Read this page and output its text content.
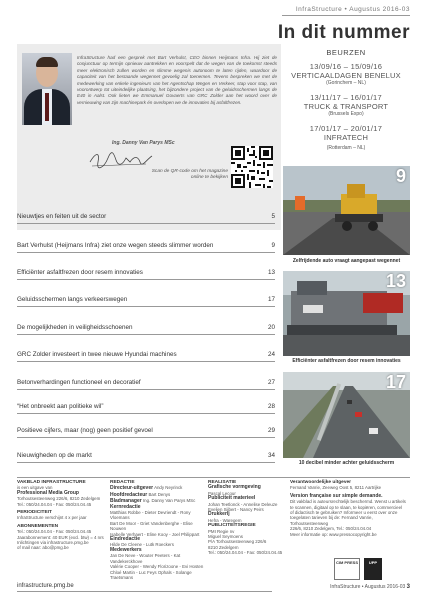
InfraStructure • Augustus 2016-03
In dit nummer
InfraStructure had een gesprek met Bart Verhulst, CEO binnen Heijmans Infra. Hij ziet de conjunctuur op termijn opnieuw aantrekken en voorspelt dat de wegen van de toekomst steeds meer elektronisch zullen worden en slimme wegenis autonoom te laten rijden, waardoor de capaciteit van het bestaande wegennet gevoelig zal toenemen. Tevens bespreken we met de medewerking van enkele ingenieurs van het Agentschap Wegen en Verkeer, stap voor stap, van voorontwerp tot uiteindelijke plaatsing, het bijzondere project van de geluidsschermen langs de E40 in Aalst. Ook lieten we Emmanuel Govaerts van GRC Zolder aan het woord over de vernieuwing van zijn machinepark én overlopen we de innovaties bij asfaltfrezen.
Ing. Danny Van Parys MSc
Scan de QR-code om het magazine online te bekijken
BEURZEN
13/09/16 – 15/09/16
VERTICAALDAGEN BENELUX
(Gorinchem – NL)
13/11/17 – 16/01/17
TRUCK & TRANSPORT
(Brussels Expo)
17/01/17 – 20/01/17
INFRATECH
(Rotterdam – NL)
9
Zelfrijdende auto vraagt aangepast wegennet
13
Efficiënter asfaltfrezen door resem innovaties
17
10 decibel minder achter geluidsscherm
Nieuwtjes en feiten uit de sector	5
Bart Verhulst (Heijmans Infra) ziet onze wegen steeds slimmer worden	9
Efficiënter asfaltfrezen door resem innovaties	13
Geluidsschermen langs verkeerswegen	17
De mogelijkheden in veiligheidsschoenen	20
GRC Zolder investeert in twee nieuwe Hyundai machines	24
Betonverhardingen functioneel en decoratief	27
“Het onbreekt aan politieke wil”	28
Positieve cijfers, maar (nog) geen positief gevoel	29
Nieuwigheden op de markt	34
VAKBLAD INFRASTRUCTURE
is een uitgave van
Professional Media Group
Torhoutsesteenweg 226/6, 8210 Zedelgem
Tel.: 050/24.04.04 - Fax: 050/24.04.45
PERIODICITEIT
InfraStructure verschijnt 4 x per jaar
ABONNEMENTEN
Tel.: 050/24.04.04 - Fax: 050/24.04.45
Jaarabonnement: 40 EUR (excl. btw) = 4 nrs
Inlichtingen via infrastructure.pmg.be
of mail naar: abo@pmg.be
REDACTIE
Directeur-uitgever Andy Neyrinck
Hoofdredacteur Bart Denys
Bladmanager Ing. Danny Van Parys MSc
Kernredactie
Matthias Robbe - Dieter Devriendt - Rony Vloemans
Bart De Moor - Griet Vandenberghe - Elise Nouwen
Isabelle Verhaert - Eline Kooy - Joel Philippart
Eindredactie
Hilde De Cleene - Lutk Roeckers
Medewerkers
Jan De Neve - Wouter Peeters - Kat Vandekerckhove
Valérie Cooper - Wendy Florizoone - Evi Hosten
Chloé Martin - Luc Feys Ophals - Solange Traetsmans
REALISATIE
Grafische vormgeving
Pascal Lecour
Publiciteit materieel
Johan Teetlonck - Annelise Deleuze
Evelien Sijbert - Nancy Peirs
Drukkerij
Hefra - Waregem
PUBLICITEITSREGIE
PMI Regie nv
Miguel Seymoens
P/A Torhoutsesteenweg 226/6
8210 Zedelgem
Tel.: 050/24.04.04 - Fax: 050/24.04.45
Verantwoordelijke uitgever
Fernand Vanrie, Zeeweg Oost 5, 8211 Aartrijke
Version française sur simple demande.
Dit vakblad is auteursrechtelijk beschermd. Wenst u artikels
te scannen, digitaal op te slaan, te kopiëren, commercieel
of didactisch te gebruiken? Informeer u eerst over onze
toegelaten tarieven bij de: Fernand Vanrie, Torhoutsesteenweg
226/6, 8210 Zedelgem, Tel.: 050/24.04.04
Meer informatie op: www.pressocopyright.be
CIM PRESS	UPP
infrastructure.pmg.be	InfraStructure • Augustus 2016-03 3
